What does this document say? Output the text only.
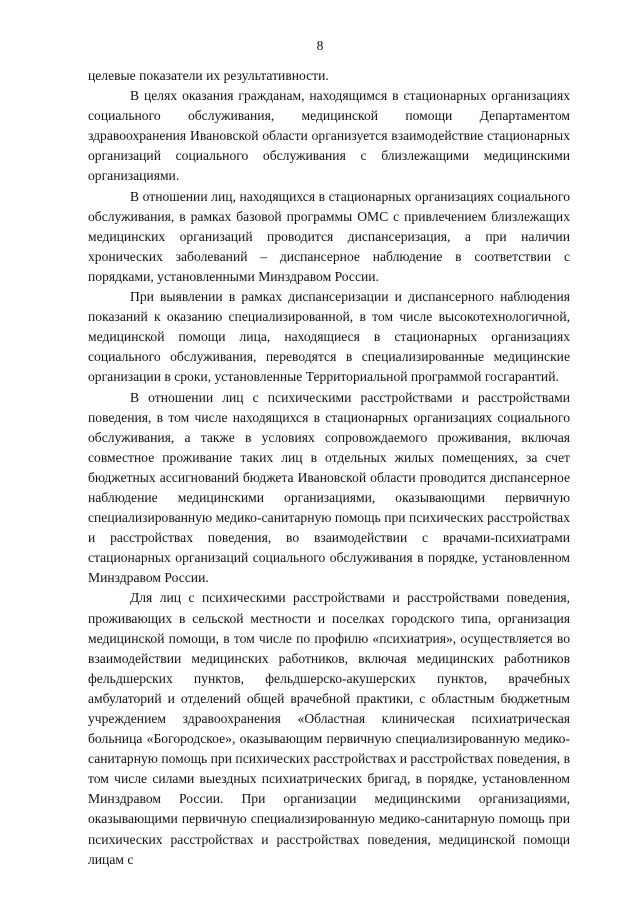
8

целевые показатели их результативности.

В целях оказания гражданам, находящимся в стационарных организациях социального обслуживания, медицинской помощи Департаментом здравоохранения Ивановской области организуется взаимодействие стационарных организаций социального обслуживания с близлежащими медицинскими организациями.

В отношении лиц, находящихся в стационарных организациях социального обслуживания, в рамках базовой программы ОМС с привлечением близлежащих медицинских организаций проводится диспансеризация, а при наличии хронических заболеваний – диспансерное наблюдение в соответствии с порядками, установленными Минздравом России.

При выявлении в рамках диспансеризации и диспансерного наблюдения показаний к оказанию специализированной, в том числе высокотехнологичной, медицинской помощи лица, находящиеся в стационарных организациях социального обслуживания, переводятся в специализированные медицинские организации в сроки, установленные Территориальной программой госгарантий.

В отношении лиц с психическими расстройствами и расстройствами поведения, в том числе находящихся в стационарных организациях социального обслуживания, а также в условиях сопровождаемого проживания, включая совместное проживание таких лиц в отдельных жилых помещениях, за счет бюджетных ассигнований бюджета Ивановской области проводится диспансерное наблюдение медицинскими организациями, оказывающими первичную специализированную медико-санитарную помощь при психических расстройствах и расстройствах поведения, во взаимодействии с врачами-психиатрами стационарных организаций социального обслуживания в порядке, установленном Минздравом России.

Для лиц с психическими расстройствами и расстройствами поведения, проживающих в сельской местности и поселках городского типа, организация медицинской помощи, в том числе по профилю «психиатрия», осуществляется во взаимодействии медицинских работников, включая медицинских работников фельдшерских пунктов, фельдшерско-акушерских пунктов, врачебных амбулаторий и отделений общей врачебной практики, с областным бюджетным учреждением здравоохранения «Областная клиническая психиатрическая больница «Богородское», оказывающим первичную специализированную медико-санитарную помощь при психических расстройствах и расстройствах поведения, в том числе силами выездных психиатрических бригад, в порядке, установленном Минздравом России. При организации медицинскими организациями, оказывающими первичную специализированную медико-санитарную помощь при психических расстройствах и расстройствах поведения, медицинской помощи лицам с
